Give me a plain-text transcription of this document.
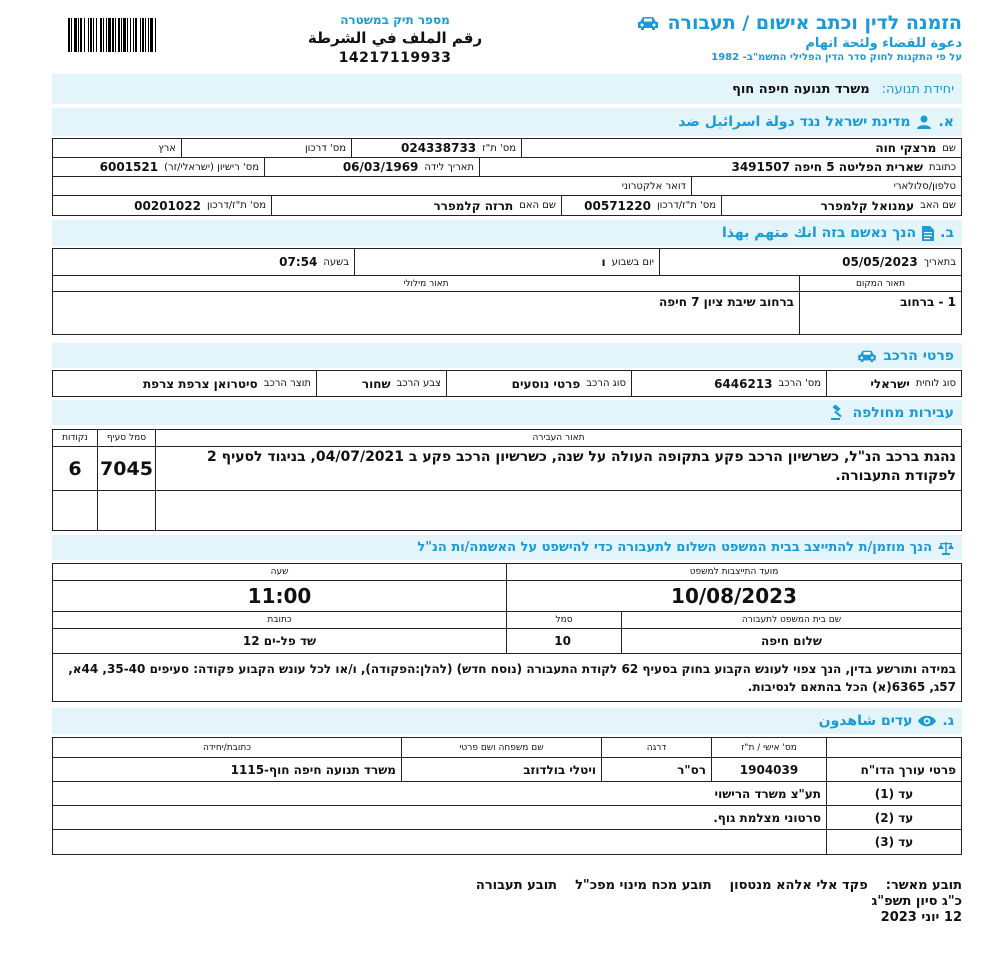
מספר תיק במשטרה
رقم الملف في الشرطة
14217119933
הזמנה לדין וכתב אישום / תעבורה
دعوة للقضاء ولئحة اتهام
על פי התקנות לחוק סדר הדין הפלילי התשמ"ב- 1982
יחידת תנועה:
משרד תנועה חיפה חוף
א.
מדינת ישראל נגד دولة اسرائيل ضد
שם
מרצקי חוה
מס' ת"ז
024338733
מס' דרכון
ארץ
כתובת
שארית הפליטה 5 חיפה 3491507
תאריך לידה
06/03/1969
מס' רישיון (ישראלי/זר)
6001521
טלפון/סלולארי
דואר אלקטרוני
שם האב
עמנואל קלמפרר
מס' ת"ז/דרכון
00571220
שם האם
תרזה קלמפרר
מס' ת"ז/דרכון
00201022
ב.
הנך נאשם בזה انك متهم بهذا
בתאריך
05/05/2023
יום בשבוע
ו
בשעה
07:54
תאור המקום
תאור מילולי
1 - ברחוב
ברחוב שיבת ציון 7 חיפה
פרטי הרכב
סוג לוחית
ישראלי
מס' הרכב
6446213
סוג הרכב
פרטי נוסעים
צבע הרכב
שחור
תוצר הרכב
סיטרואן צרפת צרפת
עבירות מחולפה
תאור העבירה
סמל סעיף
נקודות
נהגת ברכב הנ"ל, כשרשיון הרכב פקע בתקופה העולה על שנה, כשרשיון הרכב פקע ב 04/07/2021, בניגוד לסעיף 2 לפקודת התעבורה.
7045
6
הנך מוזמן/ת להתייצב בבית המשפט השלום לתעבורה כדי להישפט על האשמה/ות הנ"ל
מועד התייצבות למשפט
שעה
10/08/2023
11:00
שם בית המשפט לתעבורה
סמל
כתובת
שלום חיפה
10
שד פל-ים 12
במידה ותורשע בדין, הנך צפוי לעונש הקבוע בחוק בסעיף 62 לקודת התעבורה (נוסח חדש) (להלן:הפקודה), ו/או לכל עונש הקבוע פקודה: סעיפים 35-40, 44א, 57ג, 6365(א) הכל בהתאם לנסיבות.
ג.
עדים شاهدون
מס' אישי / ת"ז
דרגה
שם משפחה ושם פרטי
כתובת/יחידה
פרטי עורך הדו"ח
1904039
רס"ר
ויטלי בולדוזב
משרד תנועה חיפה חוף-1115
עד (1)
תע"צ משרד הרישוי
עד (2)
סרטוני מצלמת גוף.
עד (3)
תובע מאשר:
פקד אלי אלהא מנטסון
תובע מכח מינוי מפכ"ל
תובע תעבורה
כ"ג סיון תשפ"ג
12 יוני 2023
